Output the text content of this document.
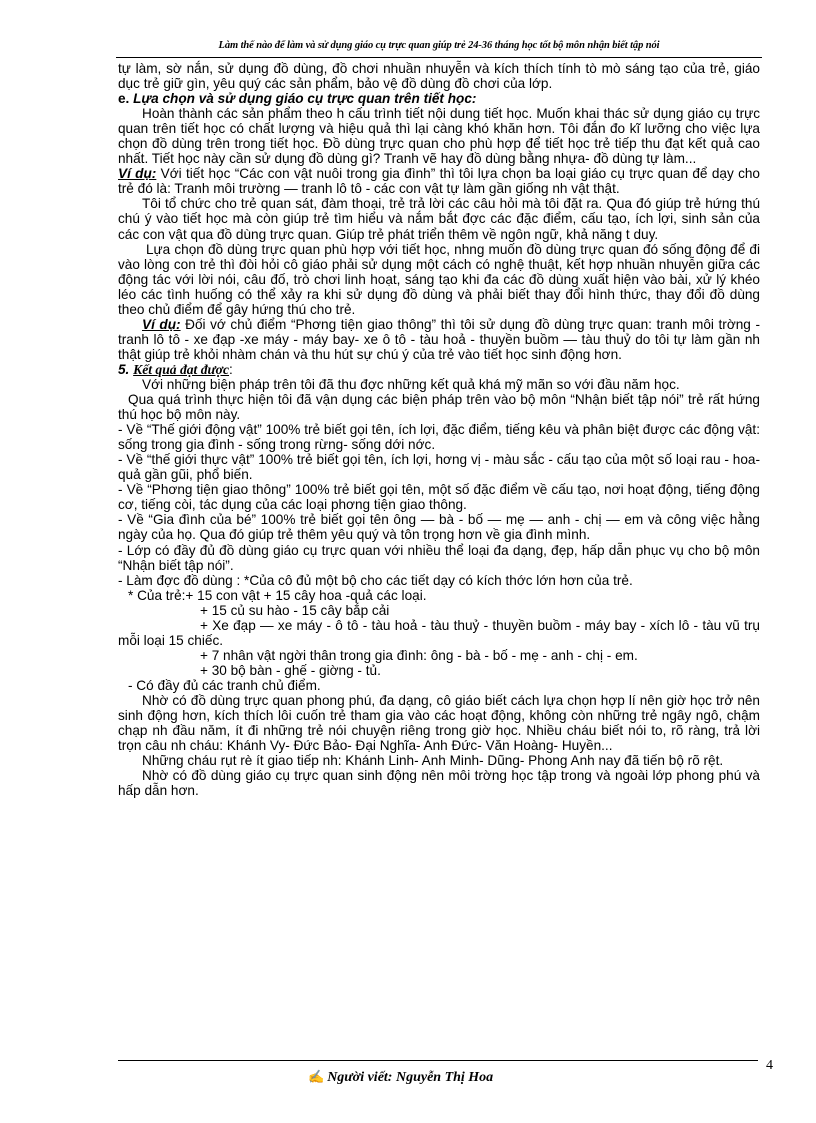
Làm thế nào để làm và sử dụng giáo cụ trực quan giúp trẻ 24-36 tháng học tốt bộ môn nhận biết tập nói

tự làm, sờ nắn, sử dụng đồ dùng, đồ chơi nhuần nhuyễn và kích thích tính tò mò sáng tạo của trẻ, giáo dục trẻ giữ gìn, yêu quý các sản phẩm, bảo vệ đồ dùng đồ chơi của lớp.

e. Lựa chọn và sử dụng giáo cụ trực quan trên tiết học:

Hoàn thành các sản phẩm theo h cấu trình tiết nội dung tiết học. Muốn khai thác sử dụng giáo cụ trực quan trên tiết học có chất lượng và hiệu quả thì lại càng khó khăn hơn. Tôi đắn đo kĩ lưỡng cho việc lựa chọn đồ dùng trên trong tiết học. Đồ dùng trực quan cho phù hợp để tiết học trẻ tiếp thu đạt kết quả cao nhất. Tiết học này cần sử dụng đồ dùng gì? Tranh vẽ hay đồ dùng bằng nhựa- đồ dùng tự làm...

Ví dụ: Với tiết học “Các con vật nuôi trong gia đình” thì tôi lựa chọn ba loại giáo cụ trực quan để dạy cho trẻ đó là: Tranh môi trường — tranh lô tô - các con vật tự làm gần giống nh vật thật.

Tôi tổ chức cho trẻ quan sát, đàm thoại, trẻ trả lời các câu hỏi mà tôi đặt ra. Qua đó giúp trẻ hứng thú chú ý vào tiết học mà còn giúp trẻ tìm hiểu và nắm bắt đợc các đặc điểm, cấu tạo, ích lợi, sinh sản của các con vật qua đồ dùng trực quan. Giúp trẻ phát triển thêm về ngôn ngữ, khả năng t duy.

Lựa chọn đồ dùng trực quan phù hợp với tiết học, nhng muốn đồ dùng trực quan đó sống động để đi vào lòng con trẻ thì đòi hỏi cô giáo phải sử dụng một cách có nghệ thuật, kết hợp nhuần nhuyễn giữa các động tác với lời nói, câu đố, trò chơi linh hoạt, sáng tạo khi đa các đồ dùng xuất hiện vào bài, xử lý khéo léo các tình huống có thể xảy ra khi sử dụng đồ dùng và phải biết thay đổi hình thức, thay đổi đồ dùng theo chủ điểm để gây hứng thú cho trẻ.

Ví dụ: Đối vớ chủ điểm “Phơng tiện giao thông” thì tôi sử dụng đồ dùng trực quan: tranh môi trờng - tranh lô tô - xe đạp -xe máy - máy bay- xe ô tô - tàu hoả - thuyền buồm — tàu thuỷ do tôi tự làm gần nh thật giúp trẻ khỏi nhàm chán và thu hút sự chú ý của trẻ vào tiết học sinh động hơn.

5. Kết quả đạt được:

Với những biện pháp trên tôi đã thu đợc những kết quả khá mỹ mãn so với đầu năm học.

Qua quá trình thực hiện tôi đã vận dụng các biện pháp trên vào bộ môn “Nhận biết tập nói” trẻ rất hứng thú học bộ môn này.

- Về “Thế giới động vật” 100% trẻ biết gọi tên, ích lợi, đặc điểm, tiếng kêu và phân biệt được các động vật: sống trong gia đình - sống trong rừng- sống dới nớc.

- Về “thế giới thực vật” 100% trẻ biết gọi tên, ích lợi, hơng vị - màu sắc - cấu tạo của một số loại rau - hoa- quả gần gũi, phổ biến.

- Về “Phơng tiện giao thông” 100% trẻ biết gọi tên, một số đặc điểm về cấu tạo, nơi hoạt động, tiếng động cơ, tiếng còi, tác dụng của các loại phơng tiện giao thông.

- Về “Gia đình của bé” 100% trẻ biết gọi tên ông — bà - bố — mẹ — anh - chị — em và công việc hằng ngày của họ. Qua đó giúp trẻ thêm yêu quý và tôn trọng hơn về gia đình mình.

- Lớp có đầy đủ đồ dùng giáo cụ trực quan với nhiều thể loại đa dạng, đẹp, hấp dẫn phục vụ cho bộ môn “Nhận biết tập nói”.

- Làm đợc đồ dùng : *Của cô đủ một bộ cho các tiết dạy có kích thớc lớn hơn của trẻ.

* Của trẻ:+ 15 con vật + 15 cây hoa -quả các loại.

+ 15 củ su hào - 15 cây bắp cải

+ Xe đạp — xe máy - ô tô - tàu hoả - tàu thuỷ - thuyền buồm - máy bay - xích lô - tàu vũ trụ mỗi loại 15 chiếc.

+ 7 nhân vật ngời thân trong gia đình: ông - bà - bố - mẹ - anh - chị - em.

+ 30 bộ bàn - ghế - giờng - tủ.

- Có đầy đủ các tranh chủ điểm.

Nhờ có đồ dùng trực quan phong phú, đa dạng, cô giáo biết cách lựa chọn hợp lí nên giờ học trở nên sinh động hơn, kích thích lôi cuốn trẻ tham gia vào các hoạt động, không còn những trẻ ngây ngô, chậm chạp nh đầu năm, ít đi những trẻ nói chuyện riêng trong giờ học. Nhiều cháu biết nói to, rõ ràng, trả lời trọn câu nh cháu: Khánh Vy- Đức Bảo- Đại Nghĩa- Anh Đức- Văn Hoàng- Huyền...

Những cháu rụt rè ít giao tiếp nh: Khánh Linh- Anh Minh- Dũng- Phong Anh nay đã tiến bộ rõ rệt.

Nhờ có đồ dùng giáo cụ trực quan sinh động nên môi trờng học tập trong và ngoài lớp phong phú và hấp dẫn hơn.

4
✍ Người viết: Nguyễn Thị Hoa
